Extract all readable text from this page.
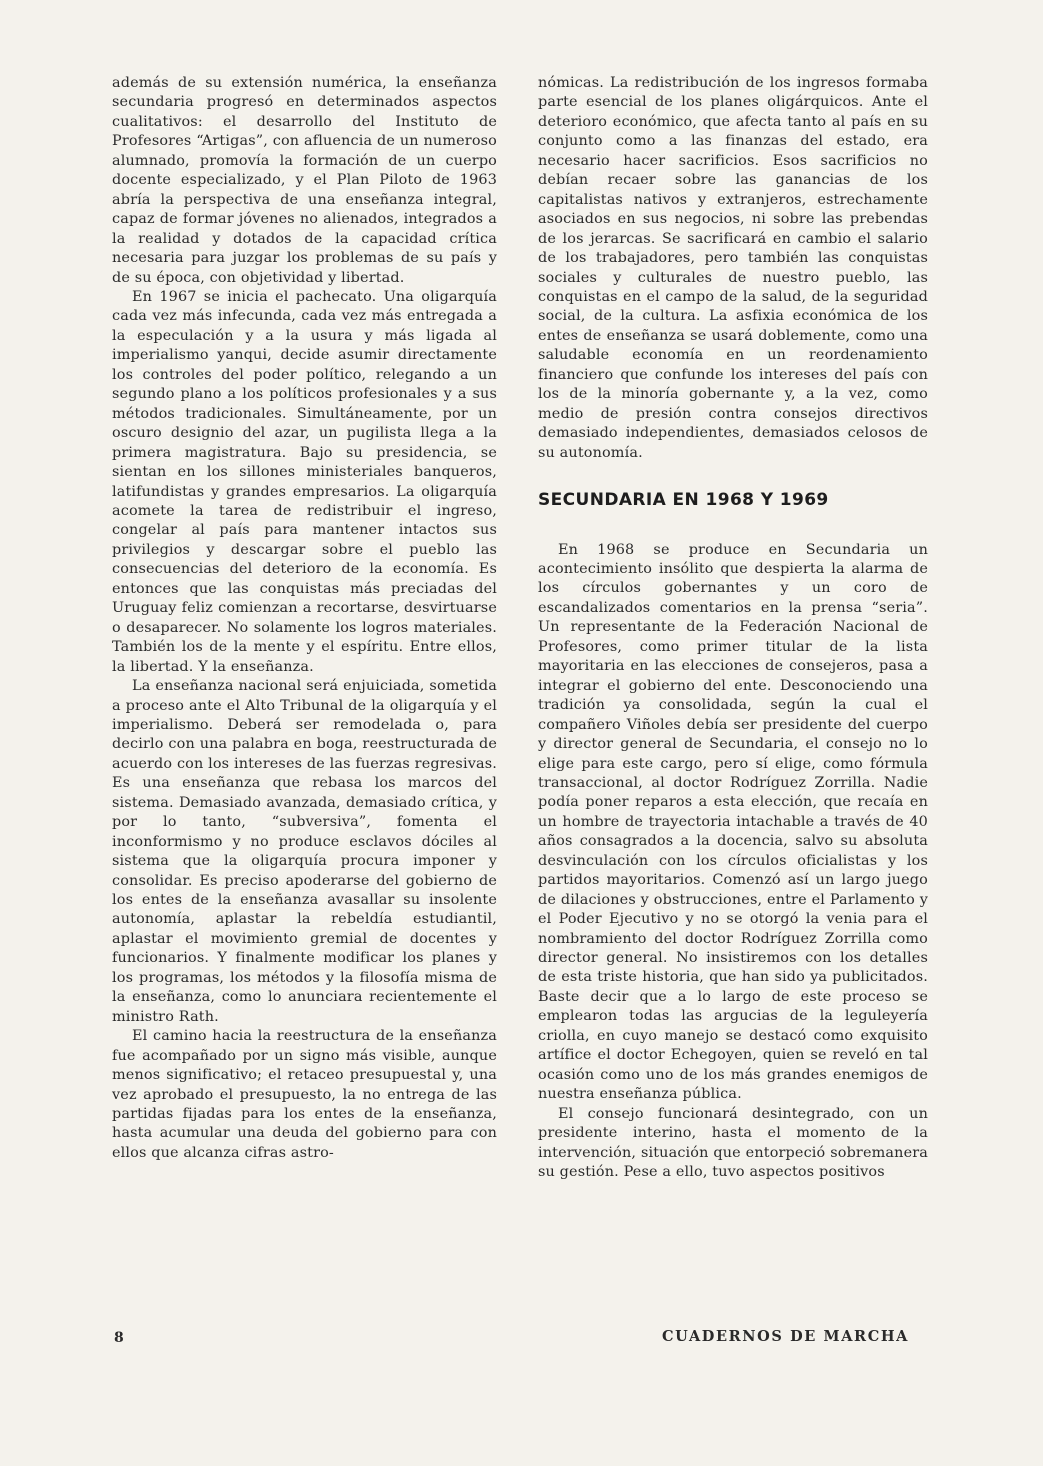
además de su extensión numérica, la enseñanza secundaria progresó en determinados aspectos cualitativos: el desarrollo del Instituto de Profesores “Artigas”, con afluencia de un numeroso alumnado, promovía la formación de un cuerpo docente especializado, y el Plan Piloto de 1963 abría la perspectiva de una enseñanza integral, capaz de formar jóvenes no alienados, integrados a la realidad y dotados de la capacidad crítica necesaria para juzgar los problemas de su país y de su época, con objetividad y libertad.

En 1967 se inicia el pachecato. Una oligarquía cada vez más infecunda, cada vez más entregada a la especulación y a la usura y más ligada al imperialismo yanqui, decide asumir directamente los controles del poder político, relegando a un segundo plano a los políticos profesionales y a sus métodos tradicionales. Simultáneamente, por un oscuro designio del azar, un pugilista llega a la primera magistratura. Bajo su presidencia, se sientan en los sillones ministeriales banqueros, latifundistas y grandes empresarios. La oligarquía acomete la tarea de redistribuir el ingreso, congelar al país para mantener intactos sus privilegios y descargar sobre el pueblo las consecuencias del deterioro de la economía. Es entonces que las conquistas más preciadas del Uruguay feliz comienzan a recortarse, desvirtuarse o desaparecer. No solamente los logros materiales. También los de la mente y el espíritu. Entre ellos, la libertad. Y la enseñanza.

La enseñanza nacional será enjuiciada, sometida a proceso ante el Alto Tribunal de la oligarquía y el imperialismo. Deberá ser remodelada o, para decirlo con una palabra en boga, reestructurada de acuerdo con los intereses de las fuerzas regresivas. Es una enseñanza que rebasa los marcos del sistema. Demasiado avanzada, demasiado crítica, y por lo tanto, “subversiva”, fomenta el inconformismo y no produce esclavos dóciles al sistema que la oligarquía procura imponer y consolidar. Es preciso apoderarse del gobierno de los entes de la enseñanza avasallar su insolente autonomía, aplastar la rebeldía estudiantil, aplastar el movimiento gremial de docentes y funcionarios. Y finalmente modificar los planes y los programas, los métodos y la filosofía misma de la enseñanza, como lo anunciara recientemente el ministro Rath.

El camino hacia la reestructura de la enseñanza fue acompañado por un signo más visible, aunque menos significativo; el retaceo presupuestal y, una vez aprobado el presupuesto, la no entrega de las partidas fijadas para los entes de la enseñanza, hasta acumular una deuda del gobierno para con ellos que alcanza cifras astro-

nómicas. La redistribución de los ingresos formaba parte esencial de los planes oligárquicos. Ante el deterioro económico, que afecta tanto al país en su conjunto como a las finanzas del estado, era necesario hacer sacrificios. Esos sacrificios no debían recaer sobre las ganancias de los capitalistas nativos y extranjeros, estrechamente asociados en sus negocios, ni sobre las prebendas de los jerarcas. Se sacrificará en cambio el salario de los trabajadores, pero también las conquistas sociales y culturales de nuestro pueblo, las conquistas en el campo de la salud, de la seguridad social, de la cultura. La asfixia económica de los entes de enseñanza se usará doblemente, como una saludable economía en un reordenamiento financiero que confunde los intereses del país con los de la minoría gobernante y, a la vez, como medio de presión contra consejos directivos demasiado independientes, demasiados celosos de su autonomía.

SECUNDARIA EN 1968 Y 1969

En 1968 se produce en Secundaria un acontecimiento insólito que despierta la alarma de los círculos gobernantes y un coro de escandalizados comentarios en la prensa “seria”. Un representante de la Federación Nacional de Profesores, como primer titular de la lista mayoritaria en las elecciones de consejeros, pasa a integrar el gobierno del ente. Desconociendo una tradición ya consolidada, según la cual el compañero Viñoles debía ser presidente del cuerpo y director general de Secundaria, el consejo no lo elige para este cargo, pero sí elige, como fórmula transaccional, al doctor Rodríguez Zorrilla. Nadie podía poner reparos a esta elección, que recaía en un hombre de trayectoria intachable a través de 40 años consagrados a la docencia, salvo su absoluta desvinculación con los círculos oficialistas y los partidos mayoritarios. Comenzó así un largo juego de dilaciones y obstrucciones, entre el Parlamento y el Poder Ejecutivo y no se otorgó la venia para el nombramiento del doctor Rodríguez Zorrilla como director general. No insistiremos con los detalles de esta triste historia, que han sido ya publicitados. Baste decir que a lo largo de este proceso se emplearon todas las argucias de la leguleyería criolla, en cuyo manejo se destacó como exquisito artífice el doctor Echegoyen, quien se reveló en tal ocasión como uno de los más grandes enemigos de nuestra enseñanza pública.

El consejo funcionará desintegrado, con un presidente interino, hasta el momento de la intervención, situación que entorpeció sobremanera su gestión. Pese a ello, tuvo aspectos positivos

8	CUADERNOS DE MARCHA
